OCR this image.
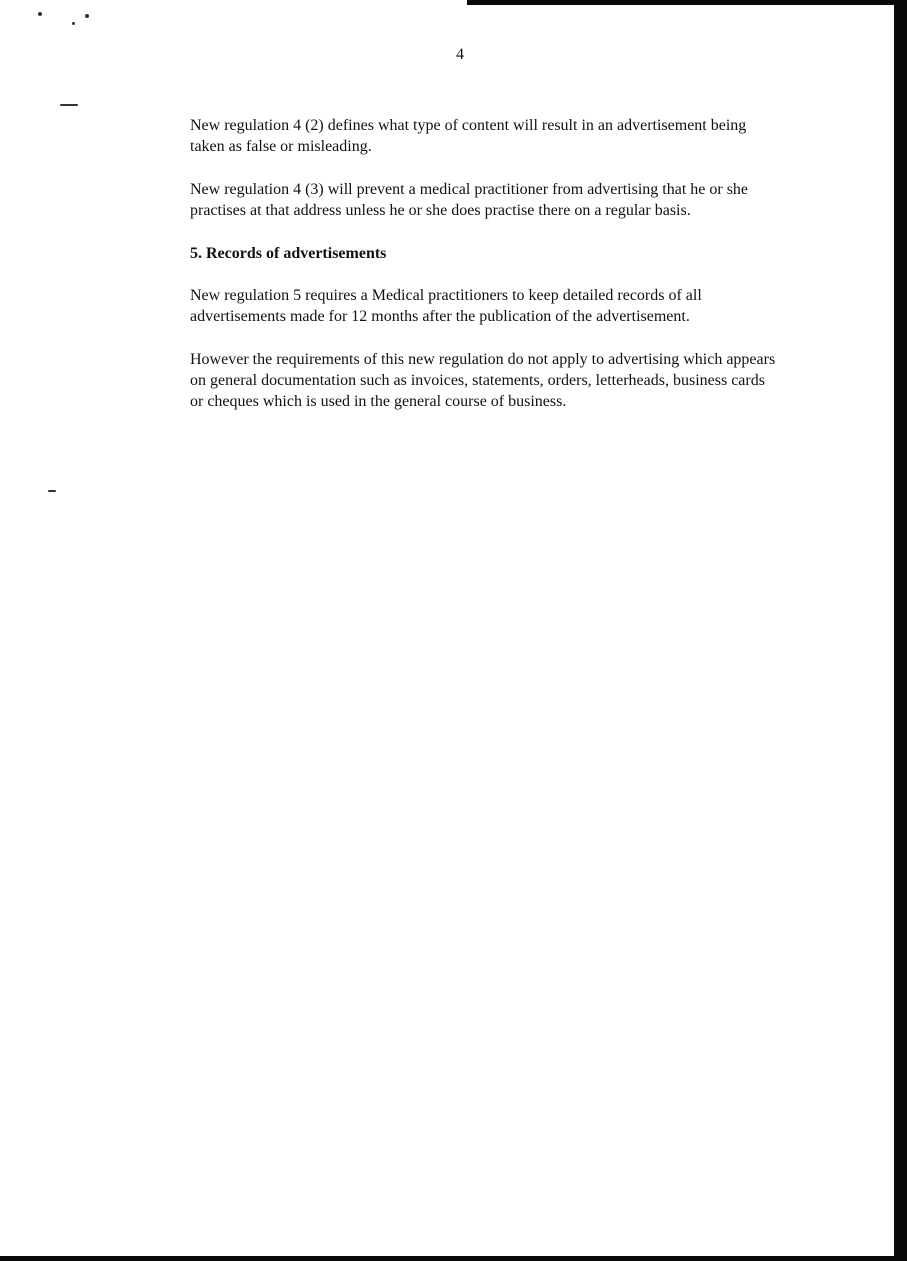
4

New regulation 4 (2) defines what type of content will result in an advertisement being taken as false or misleading.

New regulation 4 (3) will prevent a medical practitioner from advertising that he or she practises at that address unless he or she does practise there on a regular basis.

5. Records of advertisements

New regulation 5 requires a Medical practitioners to keep detailed records of all advertisements made for 12 months after the publication of the advertisement.

However the requirements of this new regulation do not apply to advertising which appears on general documentation such as invoices, statements, orders, letterheads, business cards or cheques which is used in the general course of business.
